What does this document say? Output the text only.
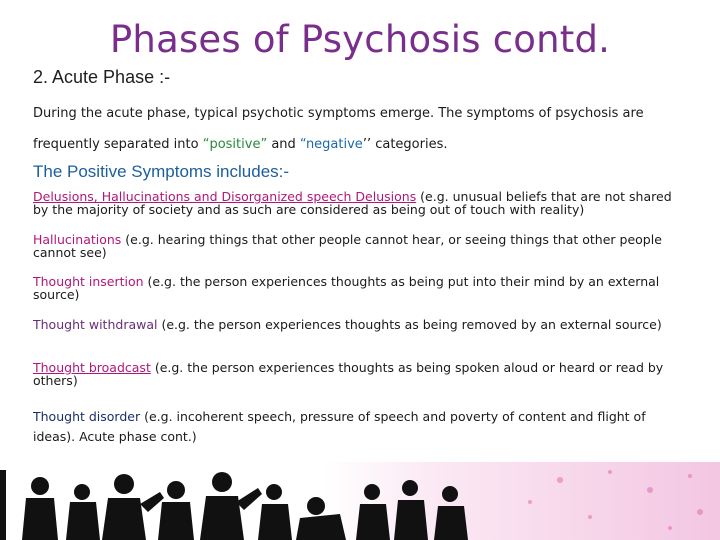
Phases of Psychosis contd.
2. Acute Phase :-
During the acute phase, typical psychotic symptoms emerge. The symptoms of psychosis are frequently separated into “positive” and “negative’’ categories.
The Positive Symptoms includes:-
Delusions, Hallucinations and Disorganized speech Delusions (e.g. unusual beliefs that are not shared by the majority of society and as such are considered as being out of touch with reality)
Hallucinations (e.g. hearing things that other people cannot hear, or seeing things that other people cannot see)
Thought insertion (e.g. the person experiences thoughts as being put into their mind by an external source)
Thought withdrawal (e.g. the person experiences thoughts as being removed by an external source)
Thought broadcast (e.g. the person experiences thoughts as being spoken aloud or heard or read by others)
Thought disorder (e.g. incoherent speech, pressure of speech and poverty of content and flight of ideas). Acute phase cont.)
